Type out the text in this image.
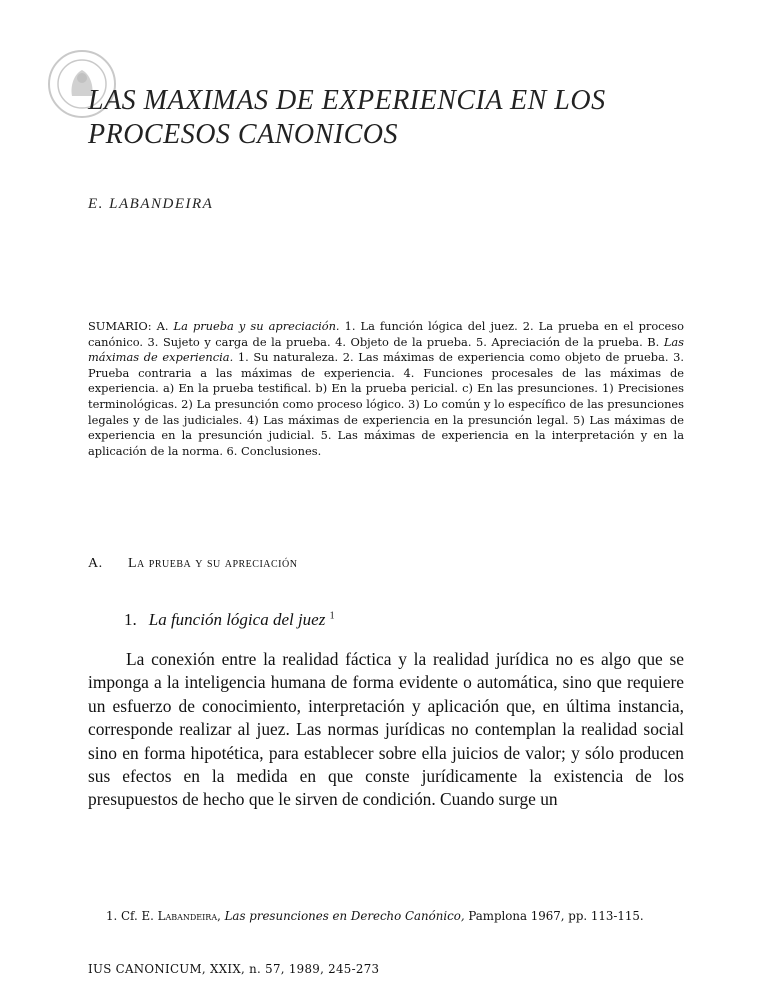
LAS MAXIMAS DE EXPERIENCIA EN LOS
PROCESOS CANONICOS
E. LABANDEIRA
SUMARIO: A. La prueba y su apreciación. 1. La función lógica del juez. 2. La prueba en el proceso canónico. 3. Sujeto y carga de la prueba. 4. Objeto de la prueba. 5. Apreciación de la prueba. B. Las máximas de experiencia. 1. Su naturaleza. 2. Las máximas de experiencia como objeto de prueba. 3. Prueba contraria a las máximas de experiencia. 4. Funciones procesales de las máximas de experiencia. a) En la prueba testifical. b) En la prueba pericial. c) En las presunciones. 1) Precisiones terminológicas. 2) La presunción como proceso lógico. 3) Lo común y lo específico de las presunciones legales y de las judiciales. 4) Las máximas de experiencia en la presunción legal. 5) Las máximas de experiencia en la presunción judicial. 5. Las máximas de experiencia en la interpretación y en la aplicación de la norma. 6. Conclusiones.
A. La prueba y su apreciación
1. La función lógica del juez $^1$

La conexión entre la realidad fáctica y la realidad jurídica no es algo que se imponga a la inteligencia humana de forma evidente o automática, sino que requiere un esfuerzo de conocimiento, interpretación y aplicación que, en última instancia, corresponde realizar al juez. Las normas jurídicas no contemplan la realidad social sino en forma hipotética, para establecer sobre ella juicios de valor; y sólo producen sus efectos en la medida en que conste jurídicamente la existencia de los presupuestos de hecho que le sirven de condición. Cuando surge un

1. Cf. E. Labandeira, Las presunciones en Derecho Canónico, Pamplona 1967, pp. 113-115.

IUS CANONICUM, XXIX, n. 57, 1989, 245-273
